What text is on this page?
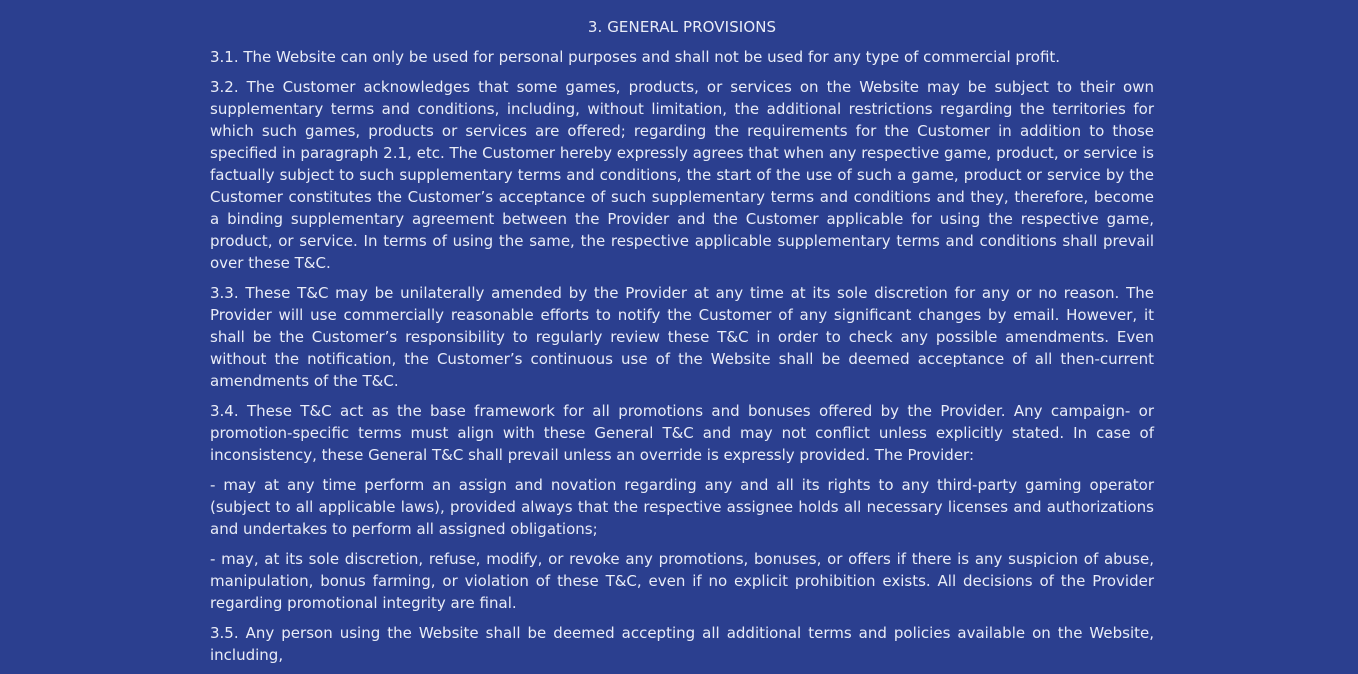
3. GENERAL PROVISIONS

3.1. The Website can only be used for personal purposes and shall not be used for any type of commercial profit.

3.2. The Customer acknowledges that some games, products, or services on the Website may be subject to their own supplementary terms and conditions, including, without limitation, the additional restrictions regarding the territories for which such games, products or services are offered; regarding the requirements for the Customer in addition to those specified in paragraph 2.1, etc. The Customer hereby expressly agrees that when any respective game, product, or service is factually subject to such supplementary terms and conditions, the start of the use of such a game, product or service by the Customer constitutes the Customer’s acceptance of such supplementary terms and conditions and they, therefore, become a binding supplementary agreement between the Provider and the Customer applicable for using the respective game, product, or service. In terms of using the same, the respective applicable supplementary terms and conditions shall prevail over these T&C.

3.3. These T&C may be unilaterally amended by the Provider at any time at its sole discretion for any or no reason. The Provider will use commercially reasonable efforts to notify the Customer of any significant changes by email. However, it shall be the Customer’s responsibility to regularly review these T&C in order to check any possible amendments. Even without the notification, the Customer’s continuous use of the Website shall be deemed acceptance of all then-current amendments of the T&C.

3.4. These T&C act as the base framework for all promotions and bonuses offered by the Provider. Any campaign- or promotion-specific terms must align with these General T&C and may not conflict unless explicitly stated. In case of inconsistency, these General T&C shall prevail unless an override is expressly provided. The Provider:

- may at any time perform an assign and novation regarding any and all its rights to any third-party gaming operator (subject to all applicable laws), provided always that the respective assignee holds all necessary licenses and authorizations and undertakes to perform all assigned obligations;

- may, at its sole discretion, refuse, modify, or revoke any promotions, bonuses, or offers if there is any suspicion of abuse, manipulation, bonus farming, or violation of these T&C, even if no explicit prohibition exists. All decisions of the Provider regarding promotional integrity are final.

3.5. Any person using the Website shall be deemed accepting all additional terms and policies available on the Website, including,
